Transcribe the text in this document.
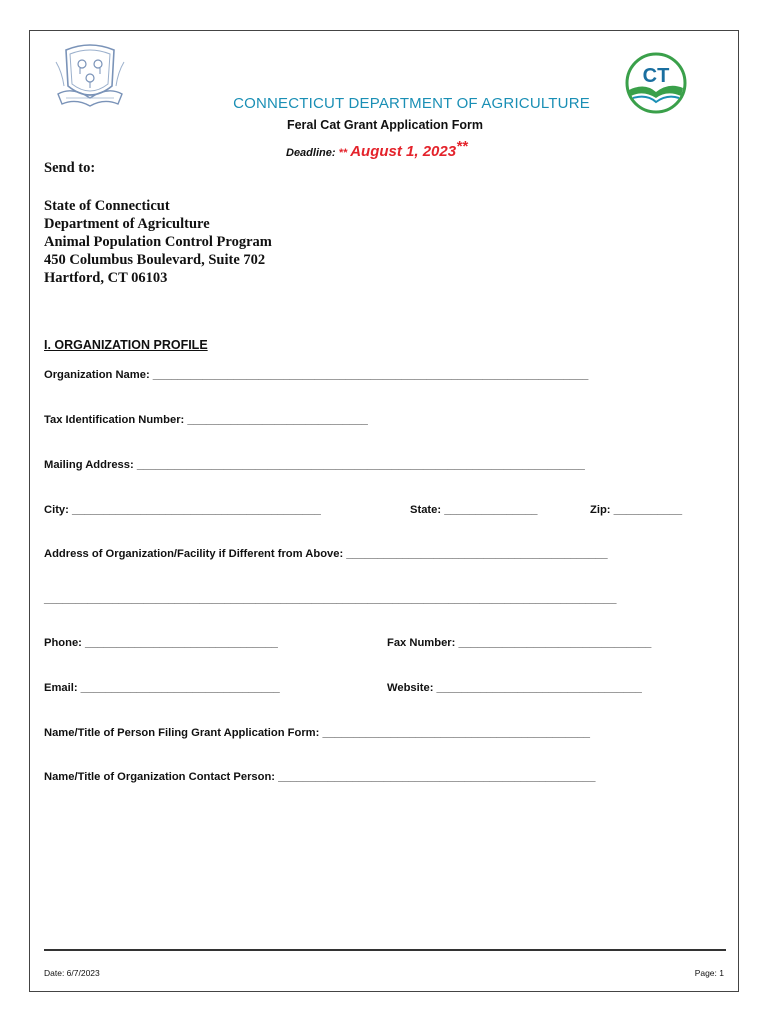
CT
CONNECTICUT DEPARTMENT OF AGRICULTURE
Feral Cat Grant Application Form
Deadline: ** August 1, 2023**
Send to:
State of Connecticut
Department of Agriculture
Animal Population Control Program
450 Columbus Boulevard, Suite 702
Hartford, CT 06103
I. ORGANIZATION PROFILE
Organization Name: ______________________________________________________________________
Tax Identification Number: _____________________________
Mailing Address: ________________________________________________________________________
City: ________________________________________	State: _______________	Zip: ___________
Address of Organization/Facility if Different from Above: __________________________________________
____________________________________________________________________________________________
Phone: _______________________________	Fax Number: _______________________________
Email: ________________________________	Website: _________________________________
Name/Title of Person Filing Grant Application Form: ___________________________________________
Name/Title of Organization Contact Person: ___________________________________________________
Date: 6/7/2023	Page: 1
